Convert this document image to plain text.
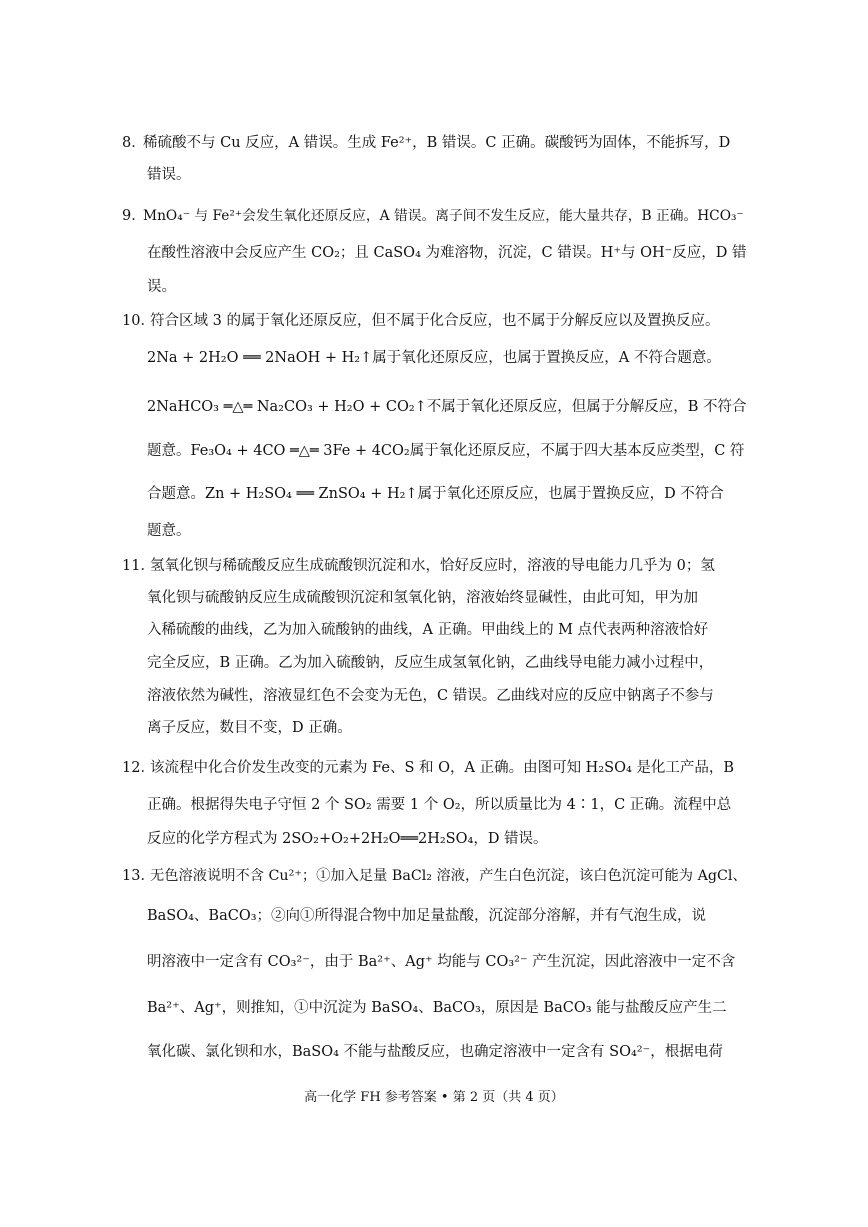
8．
稀硫酸不与 Cu 反应，A 错误。生成 Fe²⁺，B 错误。C 正确。碳酸钙为固体，不能拆写，D
错误。
9．
MnO₄⁻ 与 Fe²⁺会发生氧化还原反应，A 错误。离子间不发生反应，能大量共存，B 正确。HCO₃⁻
在酸性溶液中会反应产生 CO₂；且 CaSO₄ 为难溶物，沉淀，C 错误。H⁺与 OH⁻反应，D 错
误。
10．
符合区域 3 的属于氧化还原反应，但不属于化合反应，也不属于分解反应以及置换反应。
2Na + 2H₂O ══ 2NaOH + H₂↑属于氧化还原反应，也属于置换反应，A 不符合题意。
2NaHCO₃ ═△═ Na₂CO₃ + H₂O + CO₂↑不属于氧化还原反应，但属于分解反应，B 不符合
题意。Fe₃O₄ + 4CO ═△═ 3Fe + 4CO₂属于氧化还原反应，不属于四大基本反应类型，C 符
合题意。Zn + H₂SO₄ ══ ZnSO₄ + H₂↑属于氧化还原反应，也属于置换反应，D 不符合
题意。
11．
氢氧化钡与稀硫酸反应生成硫酸钡沉淀和水，恰好反应时，溶液的导电能力几乎为 0；氢
氧化钡与硫酸钠反应生成硫酸钡沉淀和氢氧化钠，溶液始终显碱性，由此可知，甲为加
入稀硫酸的曲线，乙为加入硫酸钠的曲线，A 正确。甲曲线上的 M 点代表两种溶液恰好
完全反应，B 正确。乙为加入硫酸钠，反应生成氢氧化钠，乙曲线导电能力减小过程中，
溶液依然为碱性，溶液显红色不会变为无色，C 错误。乙曲线对应的反应中钠离子不参与
离子反应，数目不变，D 正确。
12．
该流程中化合价发生改变的元素为 Fe、S 和 O，A 正确。由图可知 H₂SO₄ 是化工产品，B
正确。根据得失电子守恒 2 个 SO₂ 需要 1 个 O₂，所以质量比为 4∶1，C 正确。流程中总
反应的化学方程式为 2SO₂+O₂+2H₂O══2H₂SO₄，D 错误。
13．
无色溶液说明不含 Cu²⁺；①加入足量 BaCl₂ 溶液，产生白色沉淀，该白色沉淀可能为 AgCl、
BaSO₄、BaCO₃；②向①所得混合物中加足量盐酸，沉淀部分溶解，并有气泡生成，说
明溶液中一定含有 CO₃²⁻，由于 Ba²⁺、Ag⁺ 均能与 CO₃²⁻ 产生沉淀，因此溶液中一定不含
Ba²⁺、Ag⁺，则推知，①中沉淀为 BaSO₄、BaCO₃，原因是 BaCO₃ 能与盐酸反应产生二
氧化碳、氯化钡和水，BaSO₄ 不能与盐酸反应，也确定溶液中一定含有 SO₄²⁻，根据电荷
高一化学 FH 参考答案 • 第 2 页（共 4 页）
